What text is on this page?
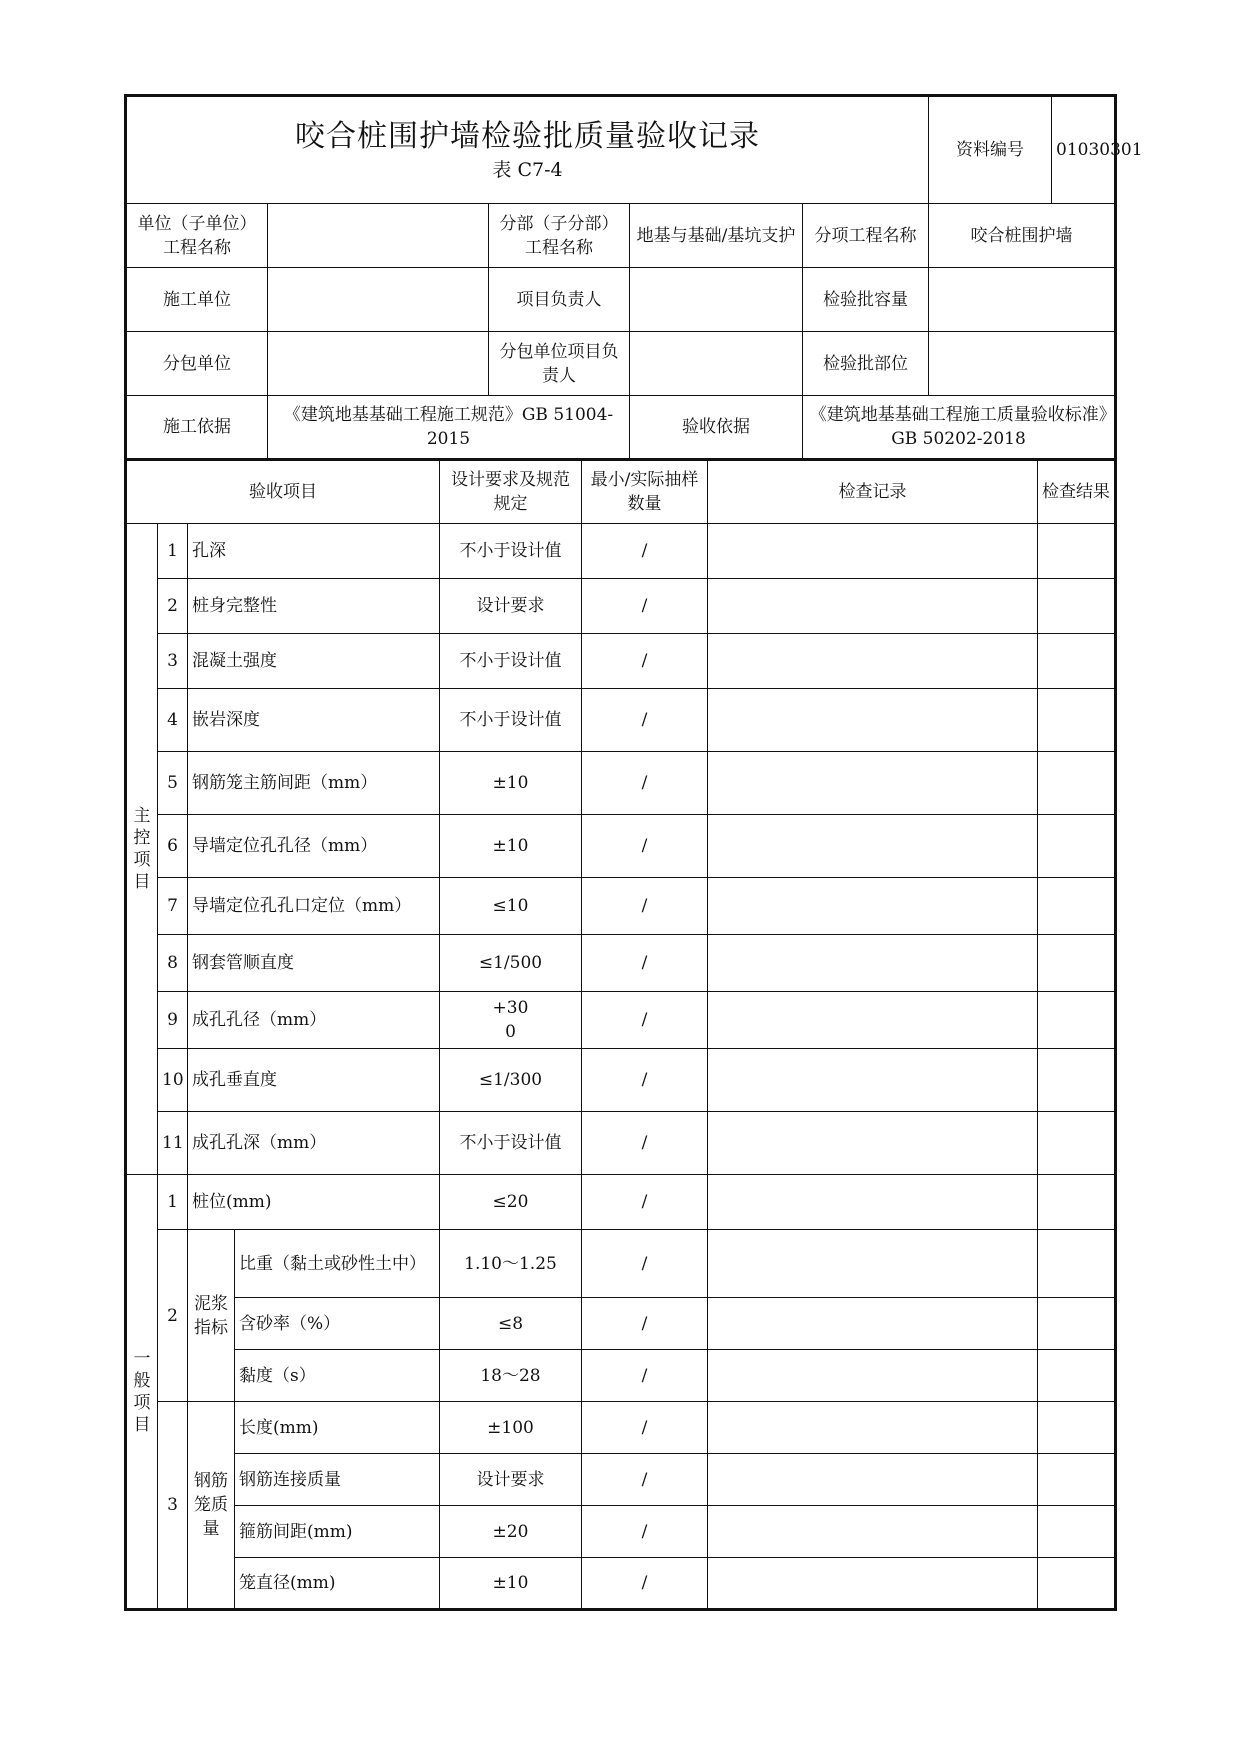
咬合桩围护墙检验批质量验收记录
表 C7-4

资料编号	01030301

单位（子单位）工程名称		分部（子分部）工程名称	地基与基础/基坑支护	分项工程名称	咬合桩围护墙
施工单位		项目负责人		检验批容量	
分包单位		分包单位项目负责人		检验批部位	
施工依据	《建筑地基基础工程施工规范》GB 51004-2015	验收依据	《建筑地基基础工程施工质量验收标准》GB 50202-2018
验收项目				设计要求及规范规定	最小/实际抽样数量	检查记录	检查结果

主
控
项
目	1	孔深		不小于设计值	/		
	2	桩身完整性		设计要求	/		
	3	混凝土强度		不小于设计值	/		
	4	嵌岩深度		不小于设计值	/		
	5	钢筋笼主筋间距（mm）		±10	/		
	6	导墙定位孔孔径（mm）		±10	/		
	7	导墙定位孔孔口定位（mm）		≤10	/		
	8	钢套管顺直度		≤1/500	/		
	9	成孔孔径（mm）		+30
0	/		
	10	成孔垂直度		≤1/300	/		
	11	成孔孔深（mm）		不小于设计值	/		

一
般
项
目	1	桩位(mm)		≤20	/		
	2	泥浆指标	比重（黏土或砂性土中）	1.10～1.25	/		
			含砂率（%）	≤8	/		
			黏度（s）	18～28	/		
	3	钢筋笼质量	长度(mm)	±100	/		
			钢筋连接质量	设计要求	/		
			箍筋间距(mm)	±20	/		
			笼直径(mm)	±10	/		
